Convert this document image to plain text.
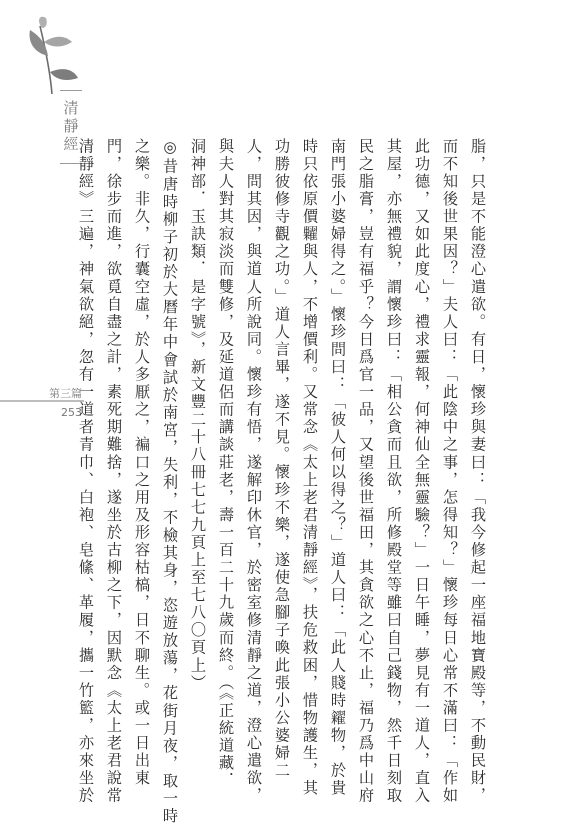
清靜經
第三篇
253	脂，只是不能澄心遣欲。有日，懷珍與妻曰：「我今修起一座福地寶殿等，不動民財，
而不知後世果因？」夫人曰：「此陰中之事，怎得知？」懷珍每日心常不滿曰：「作如
此功德，又如此度心，禮求靈報，何神仙全無靈驗？」一日午睡，夢見有一道人，直入
其屋，亦無禮貌，謂懷珍曰：「相公貪而且欲，所修殿堂等雖曰自己錢物，然千日刻取
民之脂膏，豈有福乎？今日爲官一品，又望後世福田，其貪欲之心不止，福乃爲中山府
南門張小婆婦得之。」懷珍問曰：「彼人何以得之？」道人曰：「此人賤時糴物，於貴
時只依原價糶與人，不增價利。又常念《太上老君清靜經》，扶危救困，惜物護生，其
功勝彼修寺觀之功。」道人言畢，遂不見。懷珍不樂，遂使急腳子喚此張小公婆婦二
人，問其因，與道人所說同。懷珍有悟，遂解印休官，於密室修清靜之道，澄心遣欲，
與夫人對其寂淡而雙修，及延道侶而講談莊老，壽一百二十九歲而終。（《正統道藏．
洞神部．玉訣類．是字號》，新文豐二十八冊七七九頁上至七八〇頁上）
◎昔唐時柳子初於大曆年中會試於南宮，失利，不檢其身，恣遊放蕩，花街月夜，取一時
之樂。非久，行囊空虛，於人多厭之，褊口之用及形容枯槁，日不聊生。或一日出東
門，徐步而進，欲覓自盡之計，素死期難捨，遂坐於古柳之下，因默念《太上老君說常
清靜經》三遍，神氣欲絕，忽有一道者青巾、白袍、皂絛、革履，攜一竹籃，亦來坐於
